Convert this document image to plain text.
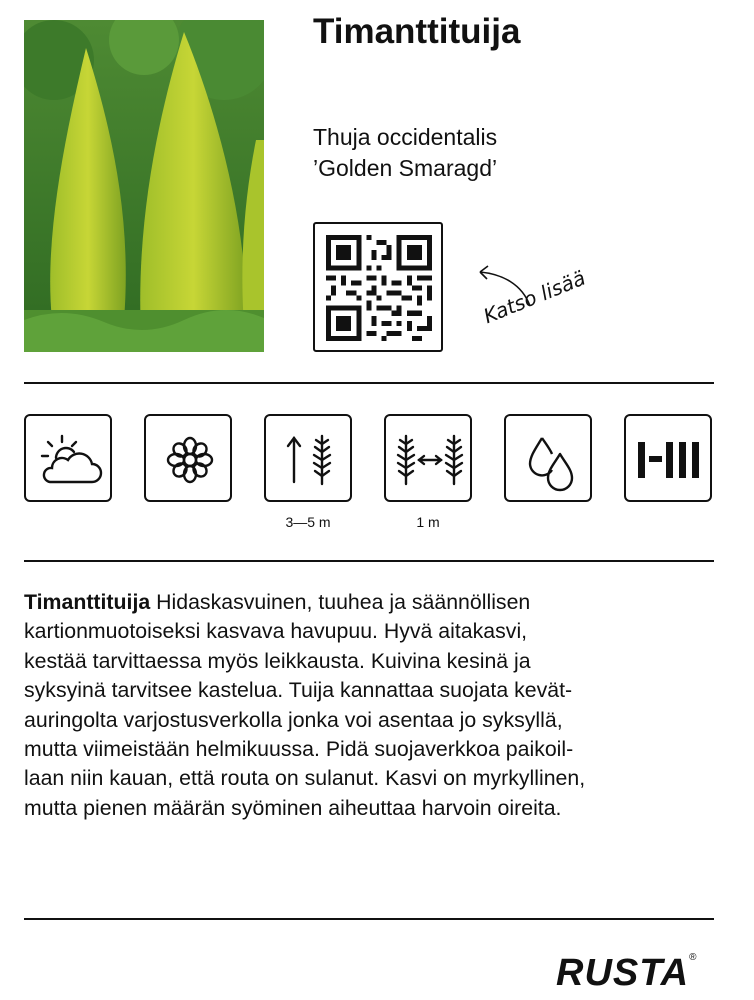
Timanttituija
Thuja occidentalis
’Golden Smaragd’
Katso lisää
3—5 m	1 m
Timanttituija Hidaskasvuinen, tuuhea ja säännöllisen
kartionmuotoiseksi kasvava havupuu. Hyvä aitakasvi,
kestää tarvittaessa myös leikkausta. Kuivina kesinä ja
syksyinä tarvitsee kastelua. Tuija kannattaa suojata kevät-
auringolta varjostusverkolla jonka voi asentaa jo syksyllä,
mutta viimeistään helmikuussa. Pidä suojaverkkoa paikoil-
laan niin kauan, että routa on sulanut. Kasvi on myrkyllinen,
mutta pienen määrän syöminen aiheuttaa harvoin oireita.
RUSTA®
